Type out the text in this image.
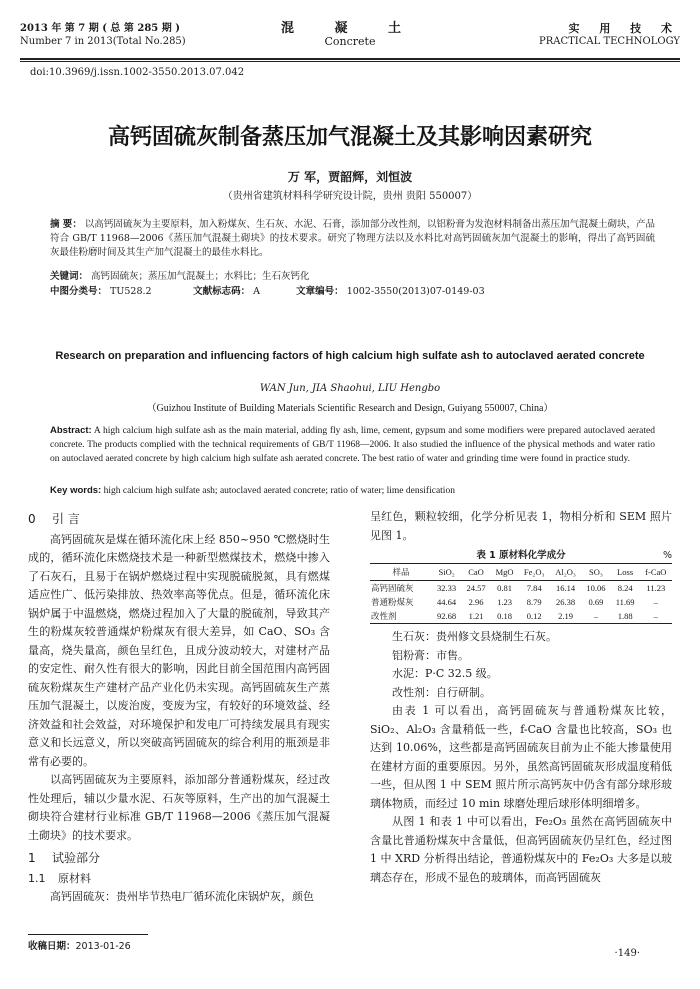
2013 年 第 7 期 ( 总 第 285 期 )
Number 7 in 2013(Total No.285)
混 凝 土
Concrete
实 用 技 术
PRACTICAL TECHNOLOGY
doi:10.3969/j.issn.1002-3550.2013.07.042
高钙固硫灰制备蒸压加气混凝土及其影响因素研究
万 军，贾韶辉，刘恒波
（贵州省建筑材料科学研究设计院，贵州 贵阳 550007）
摘 要： 以高钙固硫灰为主要原料，加入粉煤灰、生石灰、水泥、石膏，添加部分改性剂，以铝粉膏为发泡材料制备出蒸压加气混凝土砌块，产品符合 GB/T 11968—2006《蒸压加气混凝土砌块》的技术要求。研究了物理方法以及水料比对高钙固硫灰加气混凝土的影响，得出了高钙固硫灰最佳粉磨时间及其生产加气混凝土的最佳水料比。
关键词： 高钙固硫灰；蒸压加气混凝土；水料比；生石灰钙化
中图分类号： TU528.2	文献标志码： A	文章编号： 1002-3550(2013)07-0149-03
Research on preparation and influencing factors of high calcium high sulfate ash to autoclaved aerated concrete
WAN Jun, JIA Shaohui, LIU Hengbo
（Guizhou Institute of Building Materials Scientific Research and Design, Guiyang 550007, China）
Abstract: A high calcium high sulfate ash as the main material, adding fly ash, lime, cement, gypsum and some modifiers were prepared autoclaved aerated concrete. The products complied with the technical requirements of GB/T 11968—2006. It also studied the influence of the physical methods and water ratio on autoclaved aerated concrete by high calcium high sulfate ash aerated concrete. The best ratio of water and grinding time were found in practice study.
Key words: high calcium high sulfate ash; autoclaved aerated concrete; ratio of water; lime densification
0 引 言

高钙固硫灰是煤在循环流化床上经 850~950 ℃燃烧时生成的，循环流化床燃烧技术是一种新型燃煤技术，燃烧中掺入了石灰石，且易于在锅炉燃烧过程中实现脱硫脱氮，具有燃煤适应性广、低污染排放、热效率高等优点。但是，循环流化床锅炉属于中温燃烧，燃烧过程加入了大量的脱硫剂，导致其产生的粉煤灰较普通煤炉粉煤灰有很大差异，如 CaO、SO₃ 含量高，烧失量高，颜色呈红色，且成分波动较大，对建材产品的安定性、耐久性有很大的影响，因此目前全国范围内高钙固硫灰粉煤灰生产建材产品产业化仍未实现。高钙固硫灰生产蒸压加气混凝土，以废治废，变废为宝，有较好的环境效益、经济效益和社会效益，对环境保护和发电厂可持续发展具有现实意义和长远意义，所以突破高钙固硫灰的综合利用的瓶颈是非常有必要的。

以高钙固硫灰为主要原料，添加部分普通粉煤灰，经过改性处理后，辅以少量水泥、石灰等原料，生产出的加气混凝土砌块符合建材行业标准 GB/T 11968—2006《蒸压加气混凝土砌块》的技术要求。

1 试验部分
1.1 原材料

高钙固硫灰：贵州毕节热电厂循环流化床锅炉灰，颜色

呈红色，颗粒较细，化学分析见表 1，物相分析和 SEM 照片见图 1。

表 1 原材料化学成分	%
样品	SiO₂	CaO	MgO	Fe₂O₃	Al₂O₃	SO₃	Loss	f-CaO
高钙固硫灰	32.33	24.57	0.81	7.84	16.14	10.06	8.24	11.23
普通粉煤灰	44.64	2.96	1.23	8.79	26.38	0.69	11.69	–
改性剂	92.68	1.21	0.18	0.12	2.19	–	1.88	–

生石灰：贵州修文县烧制生石灰。

铝粉膏：市售。

水泥：P·C 32.5 级。

改性剂：自行研制。

由表 1 可以看出，高钙固硫灰与普通粉煤灰比较，SiO₂、Al₂O₃ 含量稍低一些，f-CaO 含量也比较高，SO₃ 也达到 10.06%，这些都是高钙固硫灰目前为止不能大掺量使用在建材方面的重要原因。另外，虽然高钙固硫灰形成温度稍低一些，但从图 1 中 SEM 照片所示高钙灰中仍含有部分球形玻璃体物质，而经过 10 min 球磨处理后球形体明细增多。

从图 1 和表 1 中可以看出，Fe₂O₃ 虽然在高钙固硫灰中含量比普通粉煤灰中含量低，但高钙固硫灰仍呈红色，经过图 1 中 XRD 分析得出结论，普通粉煤灰中的 Fe₂O₃ 大多是以玻璃态存在，形成不显色的玻璃体，而高钙固硫灰

收稿日期：2013-01-26
·149·
